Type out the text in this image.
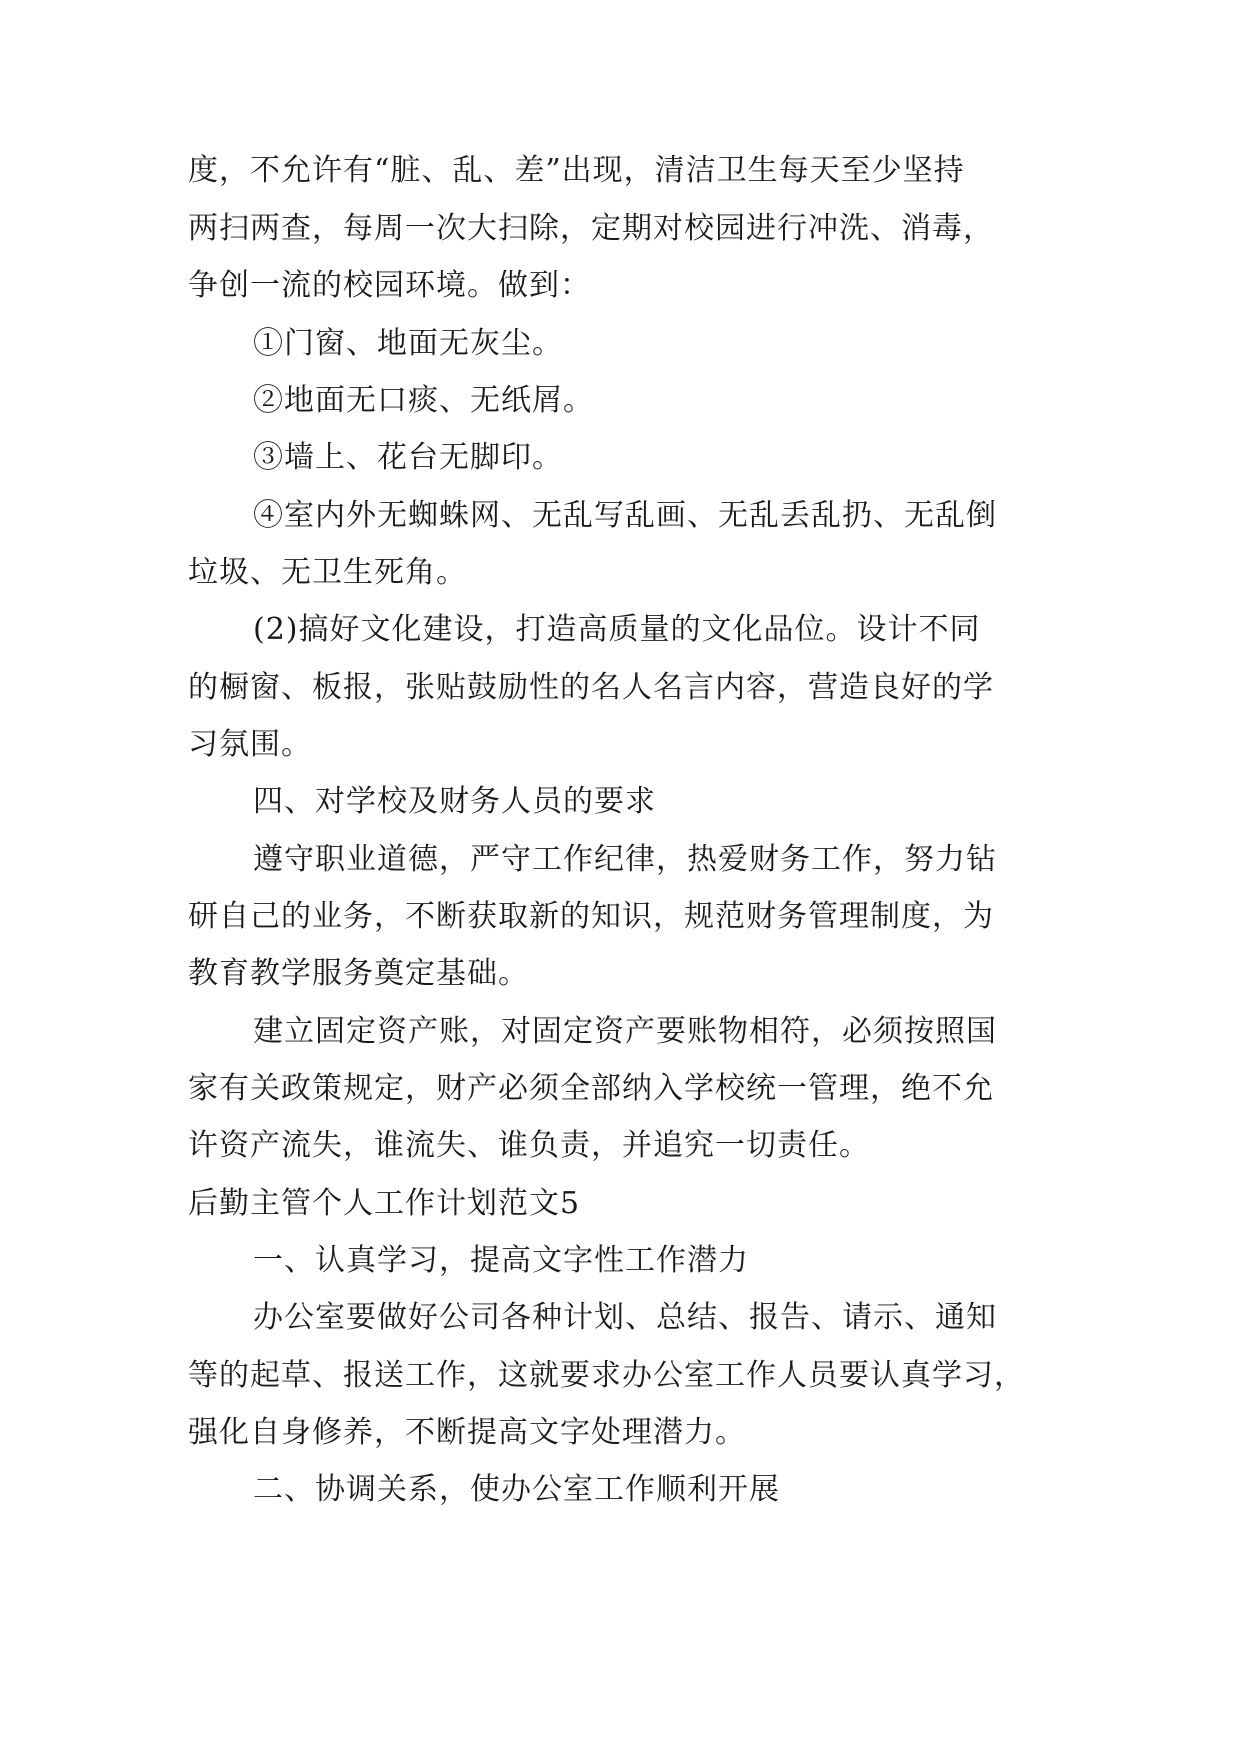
度，不允许有“脏、乱、差”出现，清洁卫生每天至少坚持

两扫两查，每周一次大扫除，定期对校园进行冲洗、消毒，

争创一流的校园环境。做到：

①门窗、地面无灰尘。

②地面无口痰、无纸屑。

③墙上、花台无脚印。

④室内外无蜘蛛网、无乱写乱画、无乱丢乱扔、无乱倒

垃圾、无卫生死角。

(2)搞好文化建设，打造高质量的文化品位。设计不同

的橱窗、板报，张贴鼓励性的名人名言内容，营造良好的学

习氛围。

四、对学校及财务人员的要求

遵守职业道德，严守工作纪律，热爱财务工作，努力钻

研自己的业务，不断获取新的知识，规范财务管理制度，为

教育教学服务奠定基础。

建立固定资产账，对固定资产要账物相符，必须按照国

家有关政策规定，财产必须全部纳入学校统一管理，绝不允

许资产流失，谁流失、谁负责，并追究一切责任。

后勤主管个人工作计划范文5

一、认真学习，提高文字性工作潜力

办公室要做好公司各种计划、总结、报告、请示、通知

等的起草、报送工作，这就要求办公室工作人员要认真学习，

强化自身修养，不断提高文字处理潜力。

二、协调关系，使办公室工作顺利开展
